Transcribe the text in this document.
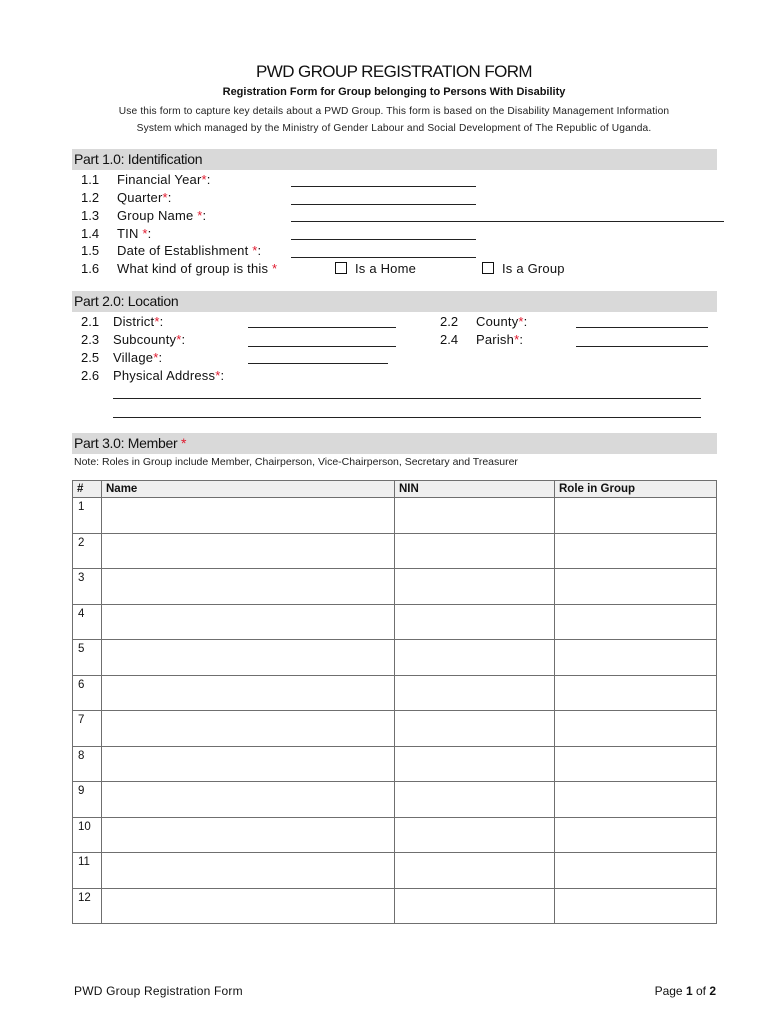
PWD GROUP REGISTRATION FORM
Registration Form for Group belonging to Persons With Disability
Use this form to capture key details about a PWD Group. This form is based on the Disability Management Information
System which managed by the Ministry of Gender Labour and Social Development of The Republic of Uganda.
Part 1.0: Identification
1.1 Financial Year*:
1.2 Quarter*:
1.3 Group Name *:
1.4 TIN *:
1.5 Date of Establishment *:
1.6 What kind of group is this *	Is a Home	Is a Group
Part 2.0: Location
2.1 District*:	2.2 County*:
2.3 Subcounty*:	2.4 Parish*:
2.5 Village*:
2.6 Physical Address*:
Part 3.0: Member *
Note: Roles in Group include Member, Chairperson, Vice-Chairperson, Secretary and Treasurer
#	Name	NIN	Role in Group
1			
2			
3			
4			
5			
6			
7			
8			
9			
10			
11			
12			
PWD Group Registration Form	Page 1 of 2
